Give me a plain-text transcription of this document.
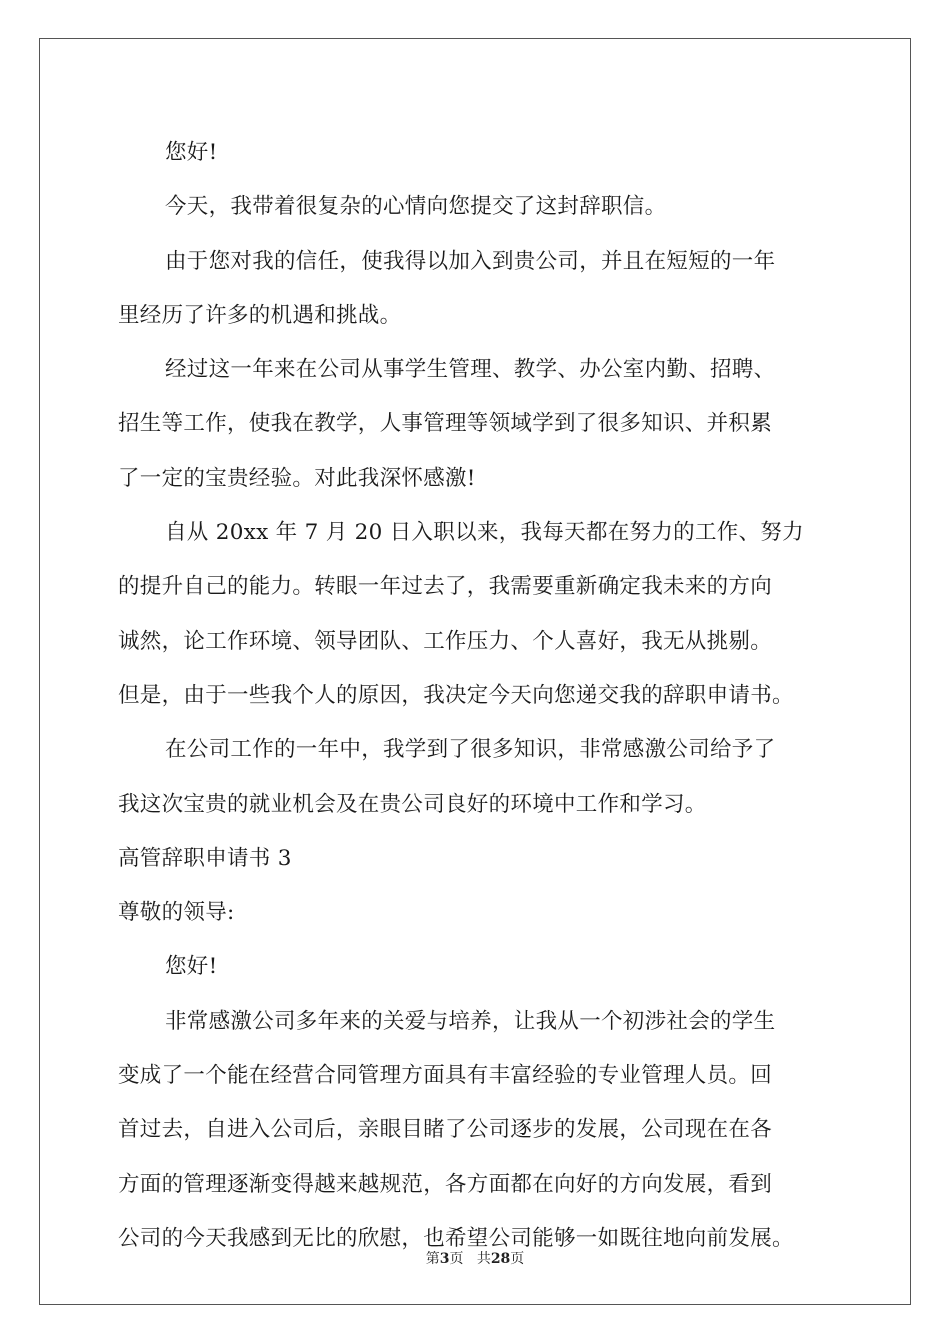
您好!
今天，我带着很复杂的心情向您提交了这封辞职信。
由于您对我的信任，使我得以加入到贵公司，并且在短短的一年
里经历了许多的机遇和挑战。
经过这一年来在公司从事学生管理、教学、办公室内勤、招聘、
招生等工作，使我在教学，人事管理等领域学到了很多知识、并积累
了一定的宝贵经验。对此我深怀感激!
自从 20xx 年 7 月 20 日入职以来，我每天都在努力的工作、努力
的提升自己的能力。转眼一年过去了，我需要重新确定我未来的方向
诚然，论工作环境、领导团队、工作压力、个人喜好，我无从挑剔。
但是，由于一些我个人的原因，我决定今天向您递交我的辞职申请书。
在公司工作的一年中，我学到了很多知识，非常感激公司给予了
我这次宝贵的就业机会及在贵公司良好的环境中工作和学习。
高管辞职申请书 3
尊敬的领导:
您好!
非常感激公司多年来的关爱与培养，让我从一个初涉社会的学生
变成了一个能在经营合同管理方面具有丰富经验的专业管理人员。回
首过去，自进入公司后，亲眼目睹了公司逐步的发展，公司现在在各
方面的管理逐渐变得越来越规范，各方面都在向好的方向发展，看到
公司的今天我感到无比的欣慰，也希望公司能够一如既往地向前发展。
第3页 共28页
